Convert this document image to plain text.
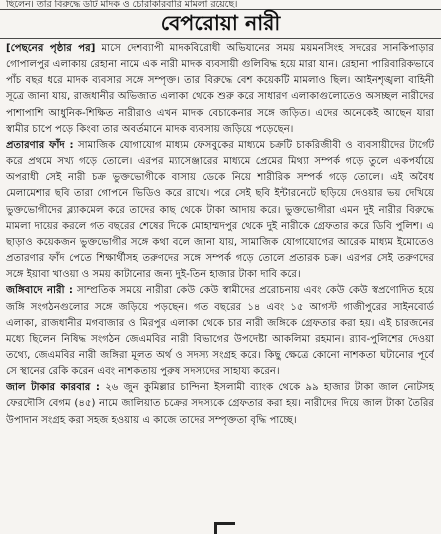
ছিলেন। তার বিরুদ্ধে ডটি মাদক ও চোরাকারবারি মামলা রয়েছে।
বেপরোয়া নারী

[পেছনের পৃষ্ঠার পর] মাসে দেশব্যাপী মাদকবিরোধী অভিযানের সময় ময়মনসিংহ সদরের সানকিপাড়ার গোপালপুর এলাকায় রেহানা নামে এক নারী মাদক ব্যবসায়ী গুলিবিদ্ধ হয়ে মারা যান। রেহানা পারিবারিকভাবে পাঁচ বছর ধরে মাদক ব্যবসার সঙ্গে সম্পৃক্ত। তার বিরুদ্ধে বেশ কয়েকটি মামলাও ছিল। আইনশৃঙ্খলা বাহিনী সূত্রে জানা যায়, রাজধানীর অভিজাত এলাকা থেকে শুরু করে সাধারণ এলাকাগুলোতেও অসচ্ছল নারীদের পাশাপাশি আধুনিক-শিক্ষিত নারীরাও এখন মাদক বেচাকেনার সঙ্গে জড়িত। এদের অনেকেই আছেন যারা স্বামীর চাপে পড়ে কিংবা তার অবর্তমানে মাদক ব্যবসায় জড়িয়ে পড়েছেন।

প্রতারণার ফাঁদ : সামাজিক যোগাযোগ মাধ্যম ফেসবুকের মাধ্যমে চক্রটি চাকরিজীবী ও ব্যবসায়ীদের টার্গেট করে প্রথমে সখ্য গড়ে তোলে। এরপর ম্যাসেঞ্জারের মাধ্যমে প্রেমের মিথ্যা সম্পর্ক গড়ে তুলে একপর্যায়ে অপরাধী সেই নারী চক্র ভুক্তভোগীকে বাসায় ডেকে নিয়ে শারীরিক সম্পর্ক গড়ে তোলে। এই অবৈধ মেলামেশার ছবি তারা গোপনে ভিডিও করে রাখে। পরে সেই ছবি ইন্টারনেটে ছড়িয়ে দেওয়ার ভয় দেখিয়ে ভুক্তভোগীদের ব্ল্যাকমেল করে তাদের কাছ থেকে টাকা আদায় করে। ভুক্তভোগীরা এমন দুই নারীর বিরুদ্ধে মামলা দায়ের করলে গত বছরের শেষের দিকে মোহাম্মদপুর থেকে দুই নারীকে গ্রেফতার করে ডিবি পুলিশ। এ ছাড়াও কয়েকজন ভুক্তভোগীর সঙ্গে কথা বলে জানা যায়, সামাজিক যোগাযোগের আরেক মাধ্যম ইমোতেও প্রতারণার ফাঁদ পেতে শিক্ষার্থীসহ তরুণদের সঙ্গে সম্পর্ক গড়ে তোলে প্রতারক চক্র। এরপর সেই তরুণদের সঙ্গে ইয়াবা খাওয়া ও সময় কাটানোর জন্য দুই-তিন হাজার টাকা দাবি করে।

জঙ্গিবাদে নারী : সাম্প্রতিক সময়ে নারীরা কেউ কেউ স্বামীদের প্ররোচনায় এবং কেউ কেউ স্বপ্রণোদিত হয়ে জঙ্গি সংগঠনগুলোর সঙ্গে জড়িয়ে পড়ছেন। গত বছরের ১৪ এবং ১৫ আগস্ট গাজীপুরের সাইনবোর্ড এলাকা, রাজধানীর মগবাজার ও মিরপুর এলাকা থেকে চার নারী জঙ্গিকে গ্রেফতার করা হয়। এই চারজনের মধ্যে ছিলেন নিষিদ্ধ সংগঠন জেএমবির নারী বিভাগের উপদেষ্টা আকলিমা রহমান। র‌্যাব-পুলিশের দেওয়া তথ্যে, জেএমবির নারী জঙ্গিরা মূলত অর্থ ও সদস্য সংগ্রহ করে। কিছু ক্ষেত্রে কোনো নাশকতা ঘটানোর পূর্বে সে স্থানের রেকি করেন এবং নাশকতায় পুরুষ সদস্যদের সাহায্য করেন।

জাল টাকার কারবার : ২৬ জুন কুমিল্লার চান্দিনা ইসলামী ব্যাংক থেকে ৯৯ হাজার টাকা জাল নোটসহ ফেরদৌসি বেগম (৪৫) নামে জালিয়াত চক্রের সদস্যকে গ্রেফতার করা হয়। নারীদের দিয়ে জাল টাকা তৈরির উপাদান সংগ্রহ করা সহজ হওয়ায় এ কাজে তাদের সম্পৃক্ততা বৃদ্ধি পাচ্ছে।
